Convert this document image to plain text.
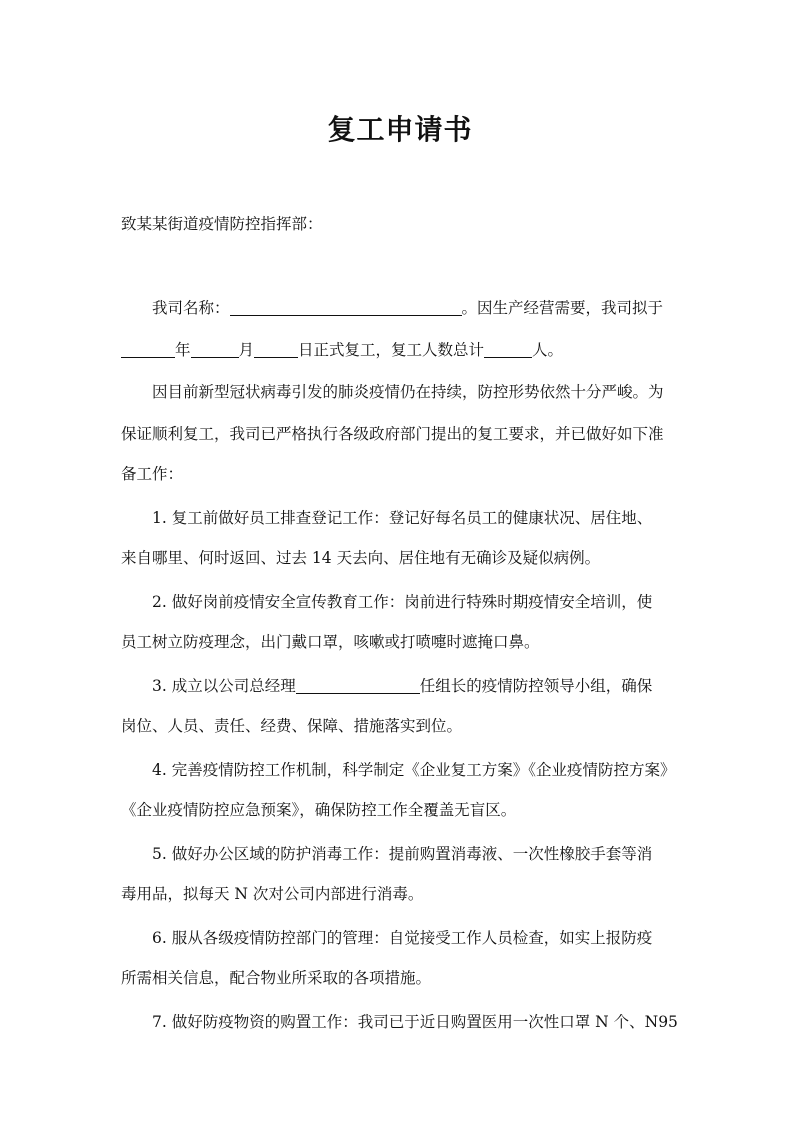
复工申请书
致某某街道疫情防控指挥部：
我司名称：	。因生产经营需要，我司拟于
年	月	日正式复工，复工人数总计	人。
因目前新型冠状病毒引发的肺炎疫情仍在持续，防控形势依然十分严峻。为
保证顺利复工，我司已严格执行各级政府部门提出的复工要求，并已做好如下准
备工作：
1. 复工前做好员工排查登记工作：登记好每名员工的健康状况、居住地、
来自哪里、何时返回、过去 14 天去向、居住地有无确诊及疑似病例。
2. 做好岗前疫情安全宣传教育工作：岗前进行特殊时期疫情安全培训，使
员工树立防疫理念，出门戴口罩，咳嗽或打喷嚏时遮掩口鼻。
3. 成立以公司总经理	任组长的疫情防控领导小组，确保
岗位、人员、责任、经费、保障、措施落实到位。
4. 完善疫情防控工作机制，科学制定《企业复工方案》《企业疫情防控方案》
《企业疫情防控应急预案》，确保防控工作全覆盖无盲区。
5. 做好办公区域的防护消毒工作：提前购置消毒液、一次性橡胶手套等消
毒用品，拟每天 N 次对公司内部进行消毒。
6. 服从各级疫情防控部门的管理：自觉接受工作人员检查，如实上报防疫
所需相关信息，配合物业所采取的各项措施。
7. 做好防疫物资的购置工作：我司已于近日购置医用一次性口罩 N 个、N95
